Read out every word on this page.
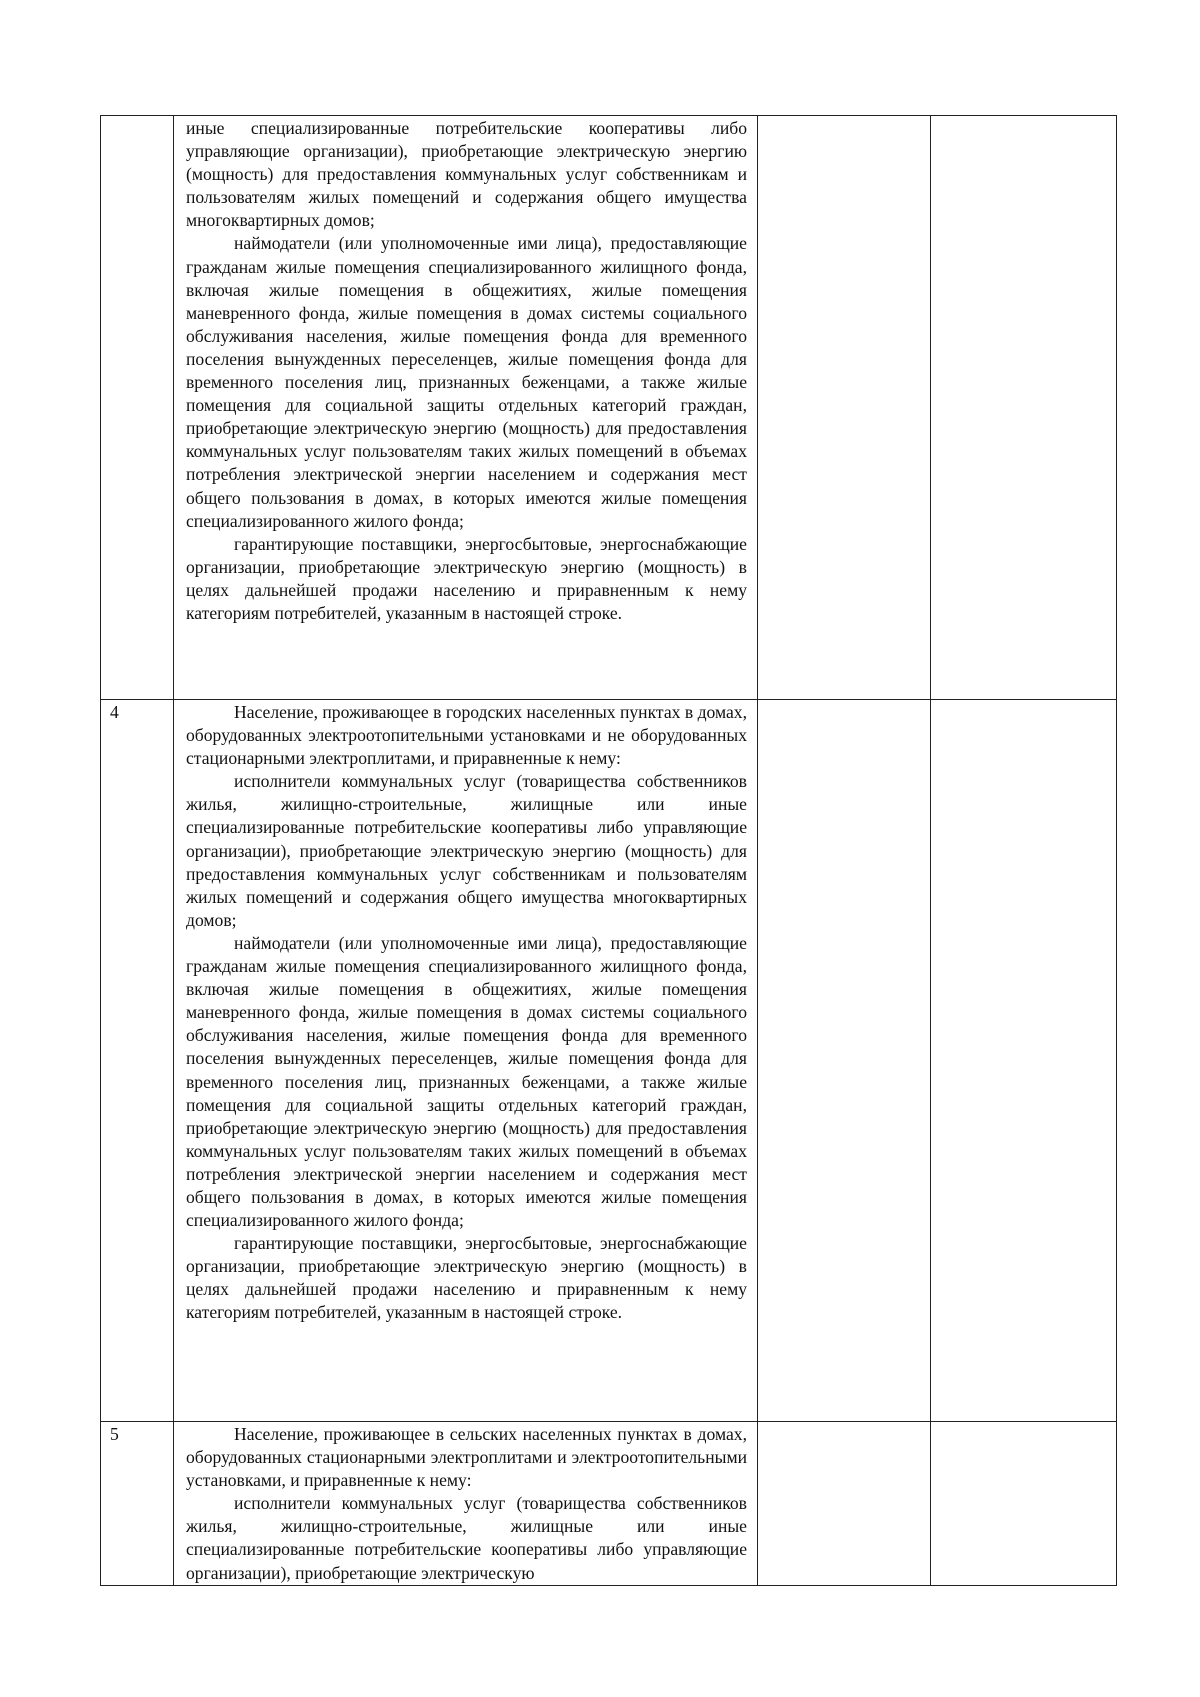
	иные специализированные потребительские кооперативы либо управляющие организации), приобретающие электрическую энергию (мощность) для предоставления коммунальных услуг собственникам и пользователям жилых помещений и содержания общего имущества многоквартирных домов;

наймодатели (или уполномоченные ими лица), предоставляющие гражданам жилые помещения специализированного жилищного фонда, включая жилые помещения в общежитиях, жилые помещения маневренного фонда, жилые помещения в домах системы социального обслуживания населения, жилые помещения фонда для временного поселения вынужденных переселенцев, жилые помещения фонда для временного поселения лиц, признанных беженцами, а также жилые помещения для социальной защиты отдельных категорий граждан, приобретающие электрическую энергию (мощность) для предоставления коммунальных услуг пользователям таких жилых помещений в объемах потребления электрической энергии населением и содержания мест общего пользования в домах, в которых имеются жилые помещения специализированного жилого фонда;

гарантирующие поставщики, энергосбытовые, энергоснабжающие организации, приобретающие электрическую энергию (мощность) в целях дальнейшей продажи населению и приравненным к нему категориям потребителей, указанным в настоящей строке.		

4	Население, проживающее в городских населенных пунктах в домах, оборудованных электроотопительными установками и не оборудованных стационарными электроплитами, и приравненные к нему:

исполнители коммунальных услуг (товарищества собственников жилья, жилищно-строительные, жилищные или иные специализированные потребительские кооперативы либо управляющие организации), приобретающие электрическую энергию (мощность) для предоставления коммунальных услуг собственникам и пользователям жилых помещений и содержания общего имущества многоквартирных домов;

наймодатели (или уполномоченные ими лица), предоставляющие гражданам жилые помещения специализированного жилищного фонда, включая жилые помещения в общежитиях, жилые помещения маневренного фонда, жилые помещения в домах системы социального обслуживания населения, жилые помещения фонда для временного поселения вынужденных переселенцев, жилые помещения фонда для временного поселения лиц, признанных беженцами, а также жилые помещения для социальной защиты отдельных категорий граждан, приобретающие электрическую энергию (мощность) для предоставления коммунальных услуг пользователям таких жилых помещений в объемах потребления электрической энергии населением и содержания мест общего пользования в домах, в которых имеются жилые помещения специализированного жилого фонда;

гарантирующие поставщики, энергосбытовые, энергоснабжающие организации, приобретающие электрическую энергию (мощность) в целях дальнейшей продажи населению и приравненным к нему категориям потребителей, указанным в настоящей строке.		

5	Население, проживающее в сельских населенных пунктах в домах, оборудованных стационарными электроплитами и электроотопительными установками, и приравненные к нему:

исполнители коммунальных услуг (товарищества собственников жилья, жилищно-строительные, жилищные или иные специализированные потребительские кооперативы либо управляющие организации), приобретающие электрическую		
